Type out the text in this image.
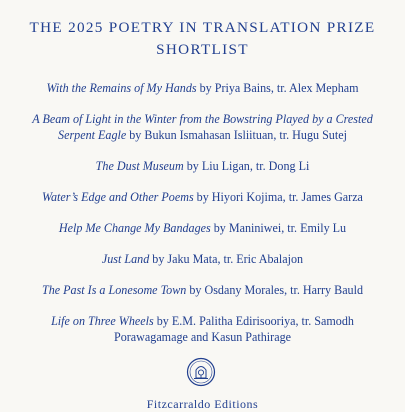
THE 2025 POETRY IN TRANSLATION PRIZE
SHORTLIST

With the Remains of My Hands by Priya Bains, tr. Alex Mepham

A Beam of Light in the Winter from the Bowstring Played by a Crested Serpent Eagle by Bukun Ismahasan Isliituan, tr. Hugu Sutej

The Dust Museum by Liu Ligan, tr. Dong Li

Water’s Edge and Other Poems by Hiyori Kojima, tr. James Garza

Help Me Change My Bandages by Maniniwei, tr. Emily Lu

Just Land by Jaku Mata, tr. Eric Abalajon

The Past Is a Lonesome Town by Osdany Morales, tr. Harry Bauld

Life on Three Wheels by E.M. Palitha Edirisooriya, tr. Samodh Porawagamage and Kasun Pathirage

Fitzcarraldo Editions
